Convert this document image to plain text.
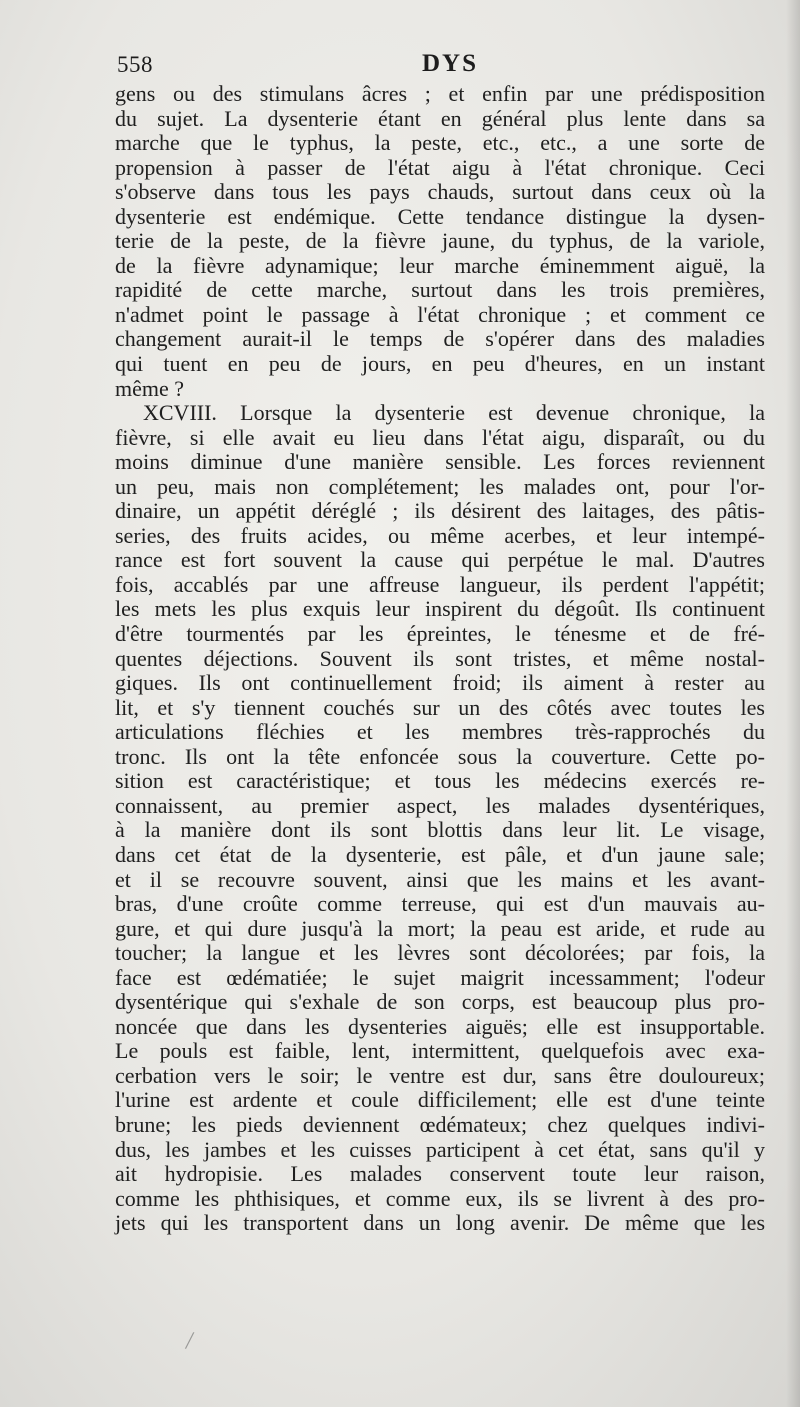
558	DYS
gens ou des stimulans âcres ; et enfin par une prédisposition
du sujet. La dysenterie étant en général plus lente dans sa
marche que le typhus, la peste, etc., etc., a une sorte de
propension à passer de l'état aigu à l'état chronique. Ceci
s'observe dans tous les pays chauds, surtout dans ceux où la
dysenterie est endémique. Cette tendance distingue la dysen-
terie de la peste, de la fièvre jaune, du typhus, de la variole,
de la fièvre adynamique; leur marche éminemment aiguë, la
rapidité de cette marche, surtout dans les trois premières,
n'admet point le passage à l'état chronique ; et comment ce
changement aurait-il le temps de s'opérer dans des maladies
qui tuent en peu de jours, en peu d'heures, en un instant
même ?
XCVIII. Lorsque la dysenterie est devenue chronique, la
fièvre, si elle avait eu lieu dans l'état aigu, disparaît, ou du
moins diminue d'une manière sensible. Les forces reviennent
un peu, mais non complétement; les malades ont, pour l'or-
dinaire, un appétit déréglé ; ils désirent des laitages, des pâtis-
series, des fruits acides, ou même acerbes, et leur intempé-
rance est fort souvent la cause qui perpétue le mal. D'autres
fois, accablés par une affreuse langueur, ils perdent l'appétit;
les mets les plus exquis leur inspirent du dégoût. Ils continuent
d'être tourmentés par les épreintes, le ténesme et de fré-
quentes déjections. Souvent ils sont tristes, et même nostal-
giques. Ils ont continuellement froid; ils aiment à rester au
lit, et s'y tiennent couchés sur un des côtés avec toutes les
articulations fléchies et les membres très-rapprochés du
tronc. Ils ont la tête enfoncée sous la couverture. Cette po-
sition est caractéristique; et tous les médecins exercés re-
connaissent, au premier aspect, les malades dysentériques,
à la manière dont ils sont blottis dans leur lit. Le visage,
dans cet état de la dysenterie, est pâle, et d'un jaune sale;
et il se recouvre souvent, ainsi que les mains et les avant-
bras, d'une croûte comme terreuse, qui est d'un mauvais au-
gure, et qui dure jusqu'à la mort; la peau est aride, et rude au
toucher; la langue et les lèvres sont décolorées; par fois, la
face est œdématiée; le sujet maigrit incessamment; l'odeur
dysentérique qui s'exhale de son corps, est beaucoup plus pro-
noncée que dans les dysenteries aiguës; elle est insupportable.
Le pouls est faible, lent, intermittent, quelquefois avec exa-
cerbation vers le soir; le ventre est dur, sans être douloureux;
l'urine est ardente et coule difficilement; elle est d'une teinte
brune; les pieds deviennent œdémateux; chez quelques indivi-
dus, les jambes et les cuisses participent à cet état, sans qu'il y
ait hydropisie. Les malades conservent toute leur raison,
comme les phthisiques, et comme eux, ils se livrent à des pro-
jets qui les transportent dans un long avenir. De même que les
/
